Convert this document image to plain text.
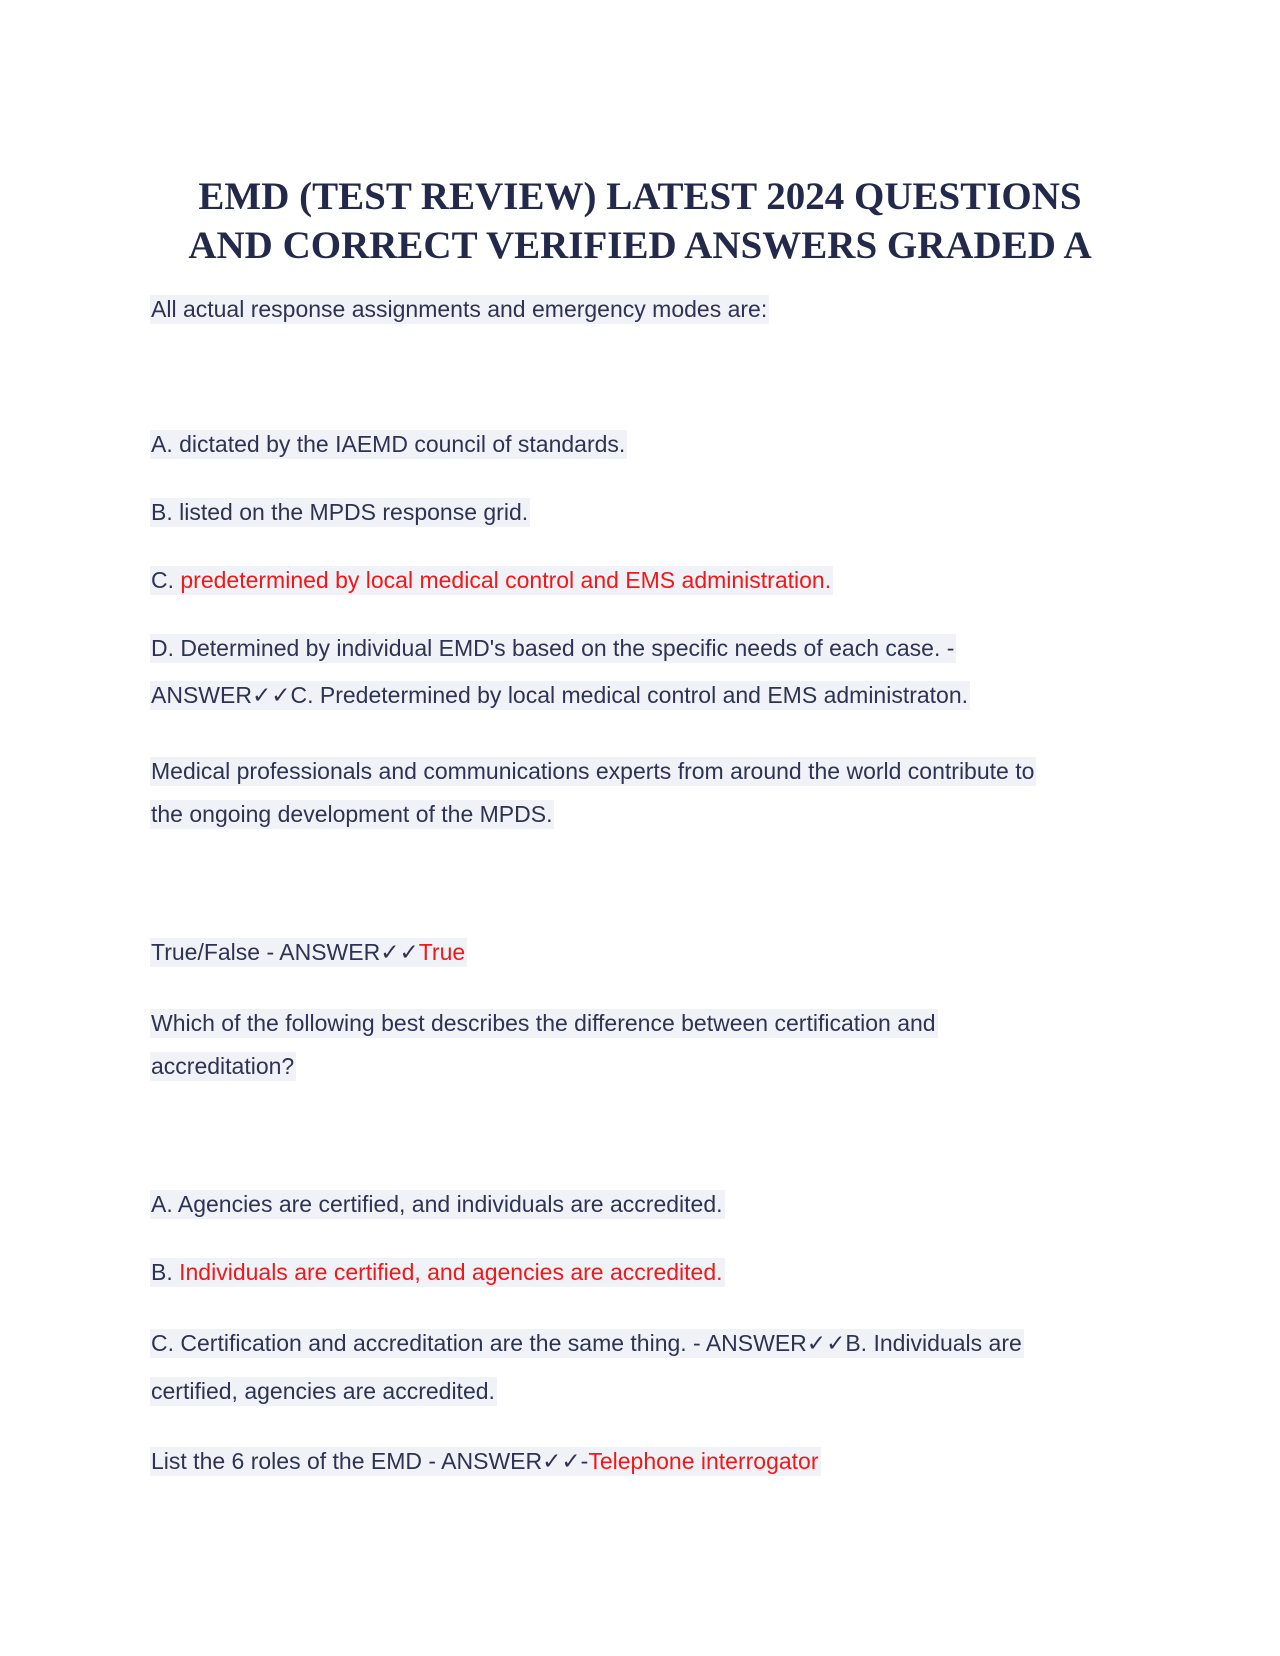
EMD (TEST REVIEW) LATEST 2024 QUESTIONS
AND CORRECT VERIFIED ANSWERS GRADED A
All actual response assignments and emergency modes are:
A. dictated by the IAEMD council of standards.
B. listed on the MPDS response grid.
C. predetermined by local medical control and EMS administration.
D. Determined by individual EMD's based on the specific needs of each case. -
ANSWER✓✓C. Predetermined by local medical control and EMS administraton.
Medical professionals and communications experts from around the world contribute to
the ongoing development of the MPDS.
True/False - ANSWER✓✓True
Which of the following best describes the difference between certification and
accreditation?
A. Agencies are certified, and individuals are accredited.
B. Individuals are certified, and agencies are accredited.
C. Certification and accreditation are the same thing. - ANSWER✓✓B. Individuals are
certified, agencies are accredited.
List the 6 roles of the EMD - ANSWER✓✓-Telephone interrogator
